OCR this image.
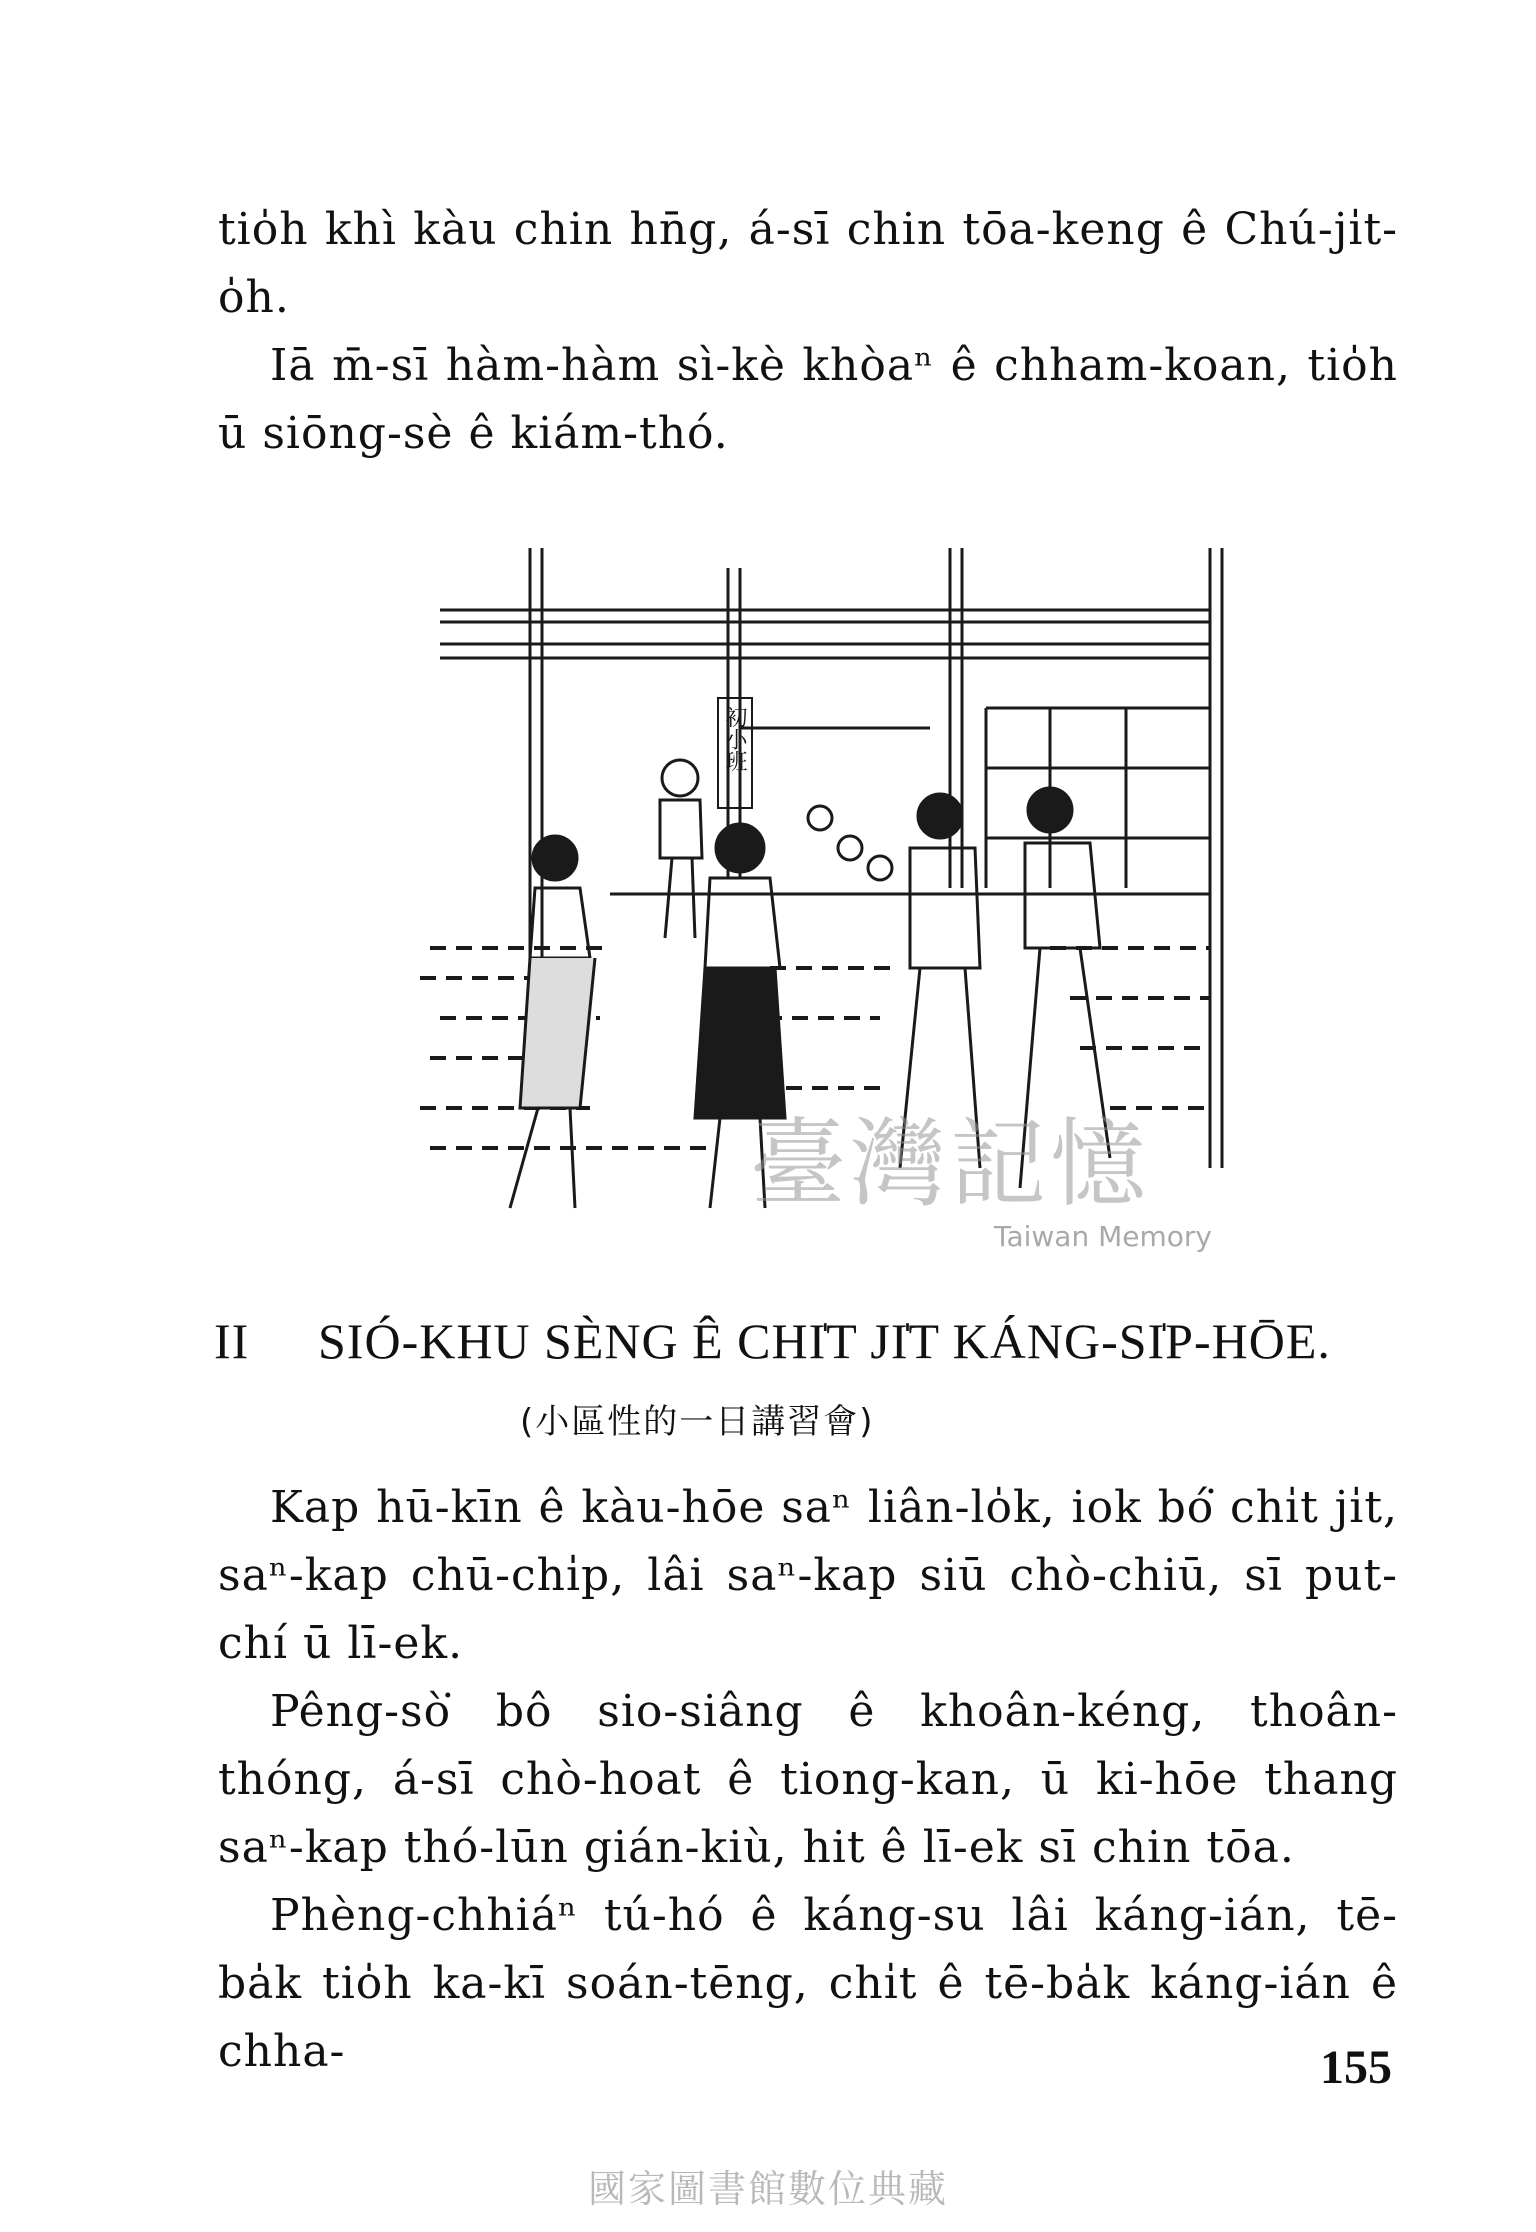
tio̍h khì kàu chin hn̄g, á-sī chin tōa-keng ê Chú-ji̍t-o̍h.

Iā m̄-sī hàm-hàm sì-kè khòaⁿ ê chham-koan, tio̍h ū siōng-sè ê kiám-thó.

初小班
臺灣記憶
Taiwan Memory
II SIÓ-KHU SÈNG Ê CHI̍T JI̍T KÁNG-SI̍P-HŌE.
(小區性的一日講習會)

Kap hū-kīn ê kàu-hōe saⁿ liân-lo̍k, iok bó͘ chi̍t ji̍t, saⁿ-kap chū-chi̍p, lâi saⁿ-kap siū chò-chiū, sī put-chí ū lī-ek.

Pêng-sò͘ bô sio-siâng ê khoân-kéng, thoân-thóng, á-sī chò-hoat ê tiong-kan, ū ki-hōe thang saⁿ-kap thó-lūn gián-kiù, hit ê lī-ek sī chin tōa.

Phèng-chhiáⁿ tú-hó ê káng-su lâi káng-ián, tē-ba̍k tio̍h ka-kī soán-tēng, chi̍t ê tē-ba̍k káng-ián ê chha-	155
國家圖書館數位典藏
